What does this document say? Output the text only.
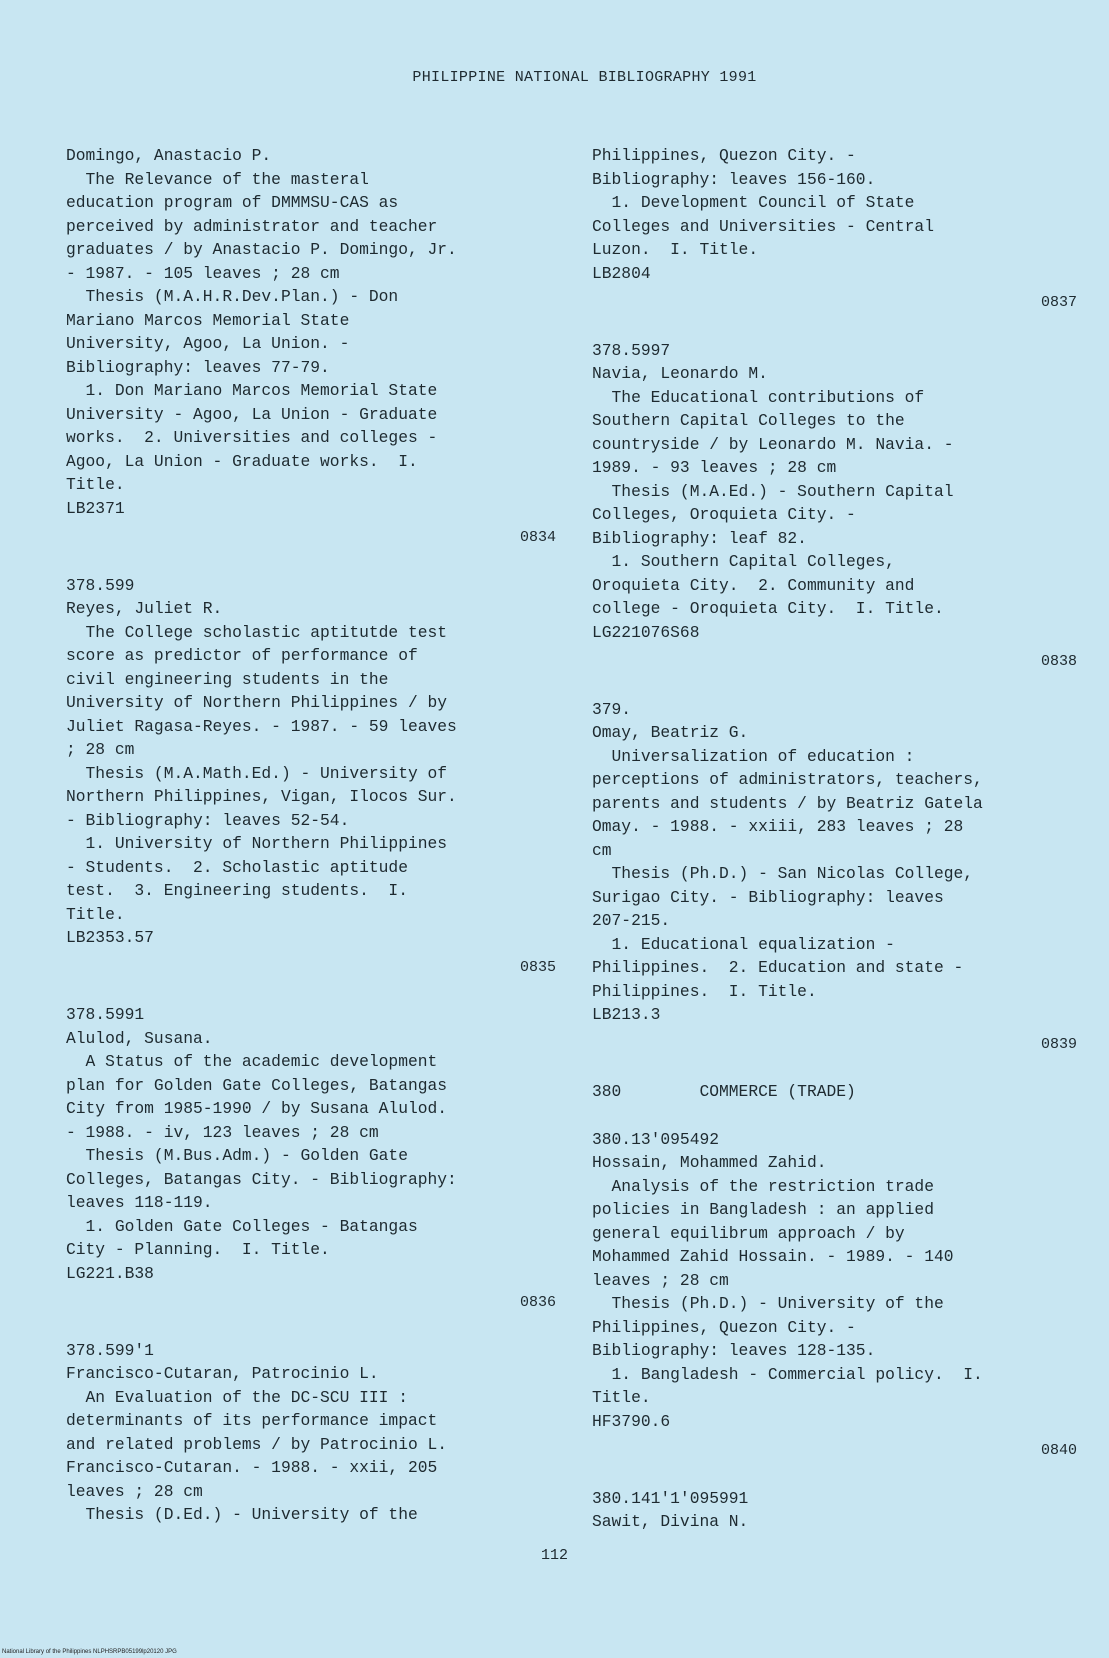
PHILIPPINE NATIONAL BIBLIOGRAPHY 1991
Domingo, Anastacio P.
The Relevance of the masteral
education program of DMMMSU-CAS as
perceived by administrator and teacher
graduates / by Anastacio P. Domingo, Jr.
- 1987. - 105 leaves ; 28 cm
Thesis (M.A.H.R.Dev.Plan.) - Don
Mariano Marcos Memorial State
University, Agoo, La Union. -
Bibliography: leaves 77-79.
1. Don Mariano Marcos Memorial State
University - Agoo, La Union - Graduate
works.  2. Universities and colleges -
Agoo, La Union - Graduate works.  I.
Title.
LB2371
0834
378.599
Reyes, Juliet R.
The College scholastic aptitutde test
score as predictor of performance of
civil engineering students in the
University of Northern Philippines / by
Juliet Ragasa-Reyes. - 1987. - 59 leaves
; 28 cm
Thesis (M.A.Math.Ed.) - University of
Northern Philippines, Vigan, Ilocos Sur.
- Bibliography: leaves 52-54.
1. University of Northern Philippines
- Students.  2. Scholastic aptitude
test.  3. Engineering students.  I.
Title.
LB2353.57
0835
378.5991
Alulod, Susana.
A Status of the academic development
plan for Golden Gate Colleges, Batangas
City from 1985-1990 / by Susana Alulod.
- 1988. - iv, 123 leaves ; 28 cm
Thesis (M.Bus.Adm.) - Golden Gate
Colleges, Batangas City. - Bibliography:
leaves 118-119.
1. Golden Gate Colleges - Batangas
City - Planning.  I. Title.
LG221.B38
0836
378.599'1
Francisco-Cutaran, Patrocinio L.
An Evaluation of the DC-SCU III :
determinants of its performance impact
and related problems / by Patrocinio L.
Francisco-Cutaran. - 1988. - xxii, 205
leaves ; 28 cm
Thesis (D.Ed.) - University of the
Philippines, Quezon City. -
Bibliography: leaves 156-160.
1. Development Council of State
Colleges and Universities - Central
Luzon.  I. Title.
LB2804
0837
378.5997
Navia, Leonardo M.
The Educational contributions of
Southern Capital Colleges to the
countryside / by Leonardo M. Navia. -
1989. - 93 leaves ; 28 cm
Thesis (M.A.Ed.) - Southern Capital
Colleges, Oroquieta City. -
Bibliography: leaf 82.
1. Southern Capital Colleges,
Oroquieta City.  2. Community and
college - Oroquieta City.  I. Title.
LG221076S68
0838
379.
Omay, Beatriz G.
Universalization of education :
perceptions of administrators, teachers,
parents and students / by Beatriz Gatela
Omay. - 1988. - xxiii, 283 leaves ; 28
cm
Thesis (Ph.D.) - San Nicolas College,
Surigao City. - Bibliography: leaves
207-215.
1. Educational equalization -
Philippines.  2. Education and state -
Philippines.  I. Title.
LB213.3
0839
380        COMMERCE (TRADE)
380.13'095492
Hossain, Mohammed Zahid.
Analysis of the restriction trade
policies in Bangladesh : an applied
general equilibrum approach / by
Mohammed Zahid Hossain. - 1989. - 140
leaves ; 28 cm
Thesis (Ph.D.) - University of the
Philippines, Quezon City. -
Bibliography: leaves 128-135.
1. Bangladesh - Commercial policy.  I.
Title.
HF3790.6
0840
380.141'1'095991
Sawit, Divina N.
112
National Library of the Philippines NLPHSRPB05199lp20120 JPG
